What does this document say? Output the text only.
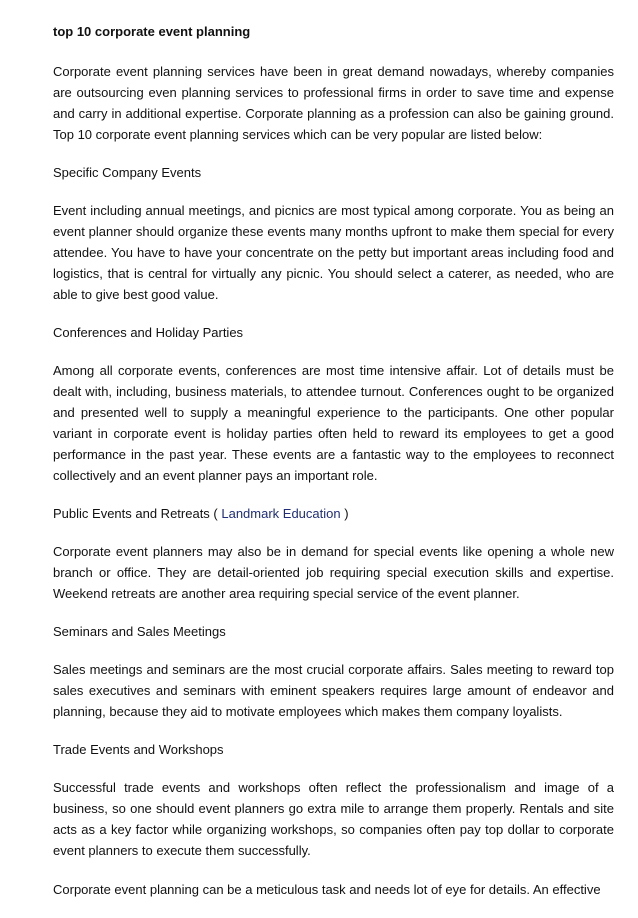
top 10 corporate event planning
Corporate event planning services have been in great demand nowadays, whereby companies are outsourcing even planning services to professional firms in order to save time and expense and carry in additional expertise. Corporate planning as a profession can also be gaining ground. Top 10 corporate event planning services which can be very popular are listed below:
Specific Company Events
Event including annual meetings, and picnics are most typical among corporate. You as being an event planner should organize these events many months upfront to make them special for every attendee. You have to have your concentrate on the petty but important areas including food and logistics, that is central for virtually any picnic. You should select a caterer, as needed, who are able to give best good value.
Conferences and Holiday Parties
Among all corporate events, conferences are most time intensive affair. Lot of details must be dealt with, including, business materials, to attendee turnout. Conferences ought to be organized and presented well to supply a meaningful experience to the participants. One other popular variant in corporate event is holiday parties often held to reward its employees to get a good performance in the past year. These events are a fantastic way to the employees to reconnect collectively and an event planner pays an important role.
Public Events and Retreats ( Landmark Education )
Corporate event planners may also be in demand for special events like opening a whole new branch or office. They are detail-oriented job requiring special execution skills and expertise. Weekend retreats are another area requiring special service of the event planner.
Seminars and Sales Meetings
Sales meetings and seminars are the most crucial corporate affairs. Sales meeting to reward top sales executives and seminars with eminent speakers requires large amount of endeavor and planning, because they aid to motivate employees which makes them company loyalists.
Trade Events and Workshops
Successful trade events and workshops often reflect the professionalism and image of a business, so one should event planners go extra mile to arrange them properly. Rentals and site acts as a key factor while organizing workshops, so companies often pay top dollar to corporate event planners to execute them successfully.
Corporate event planning can be a meticulous task and needs lot of eye for details. An effective
